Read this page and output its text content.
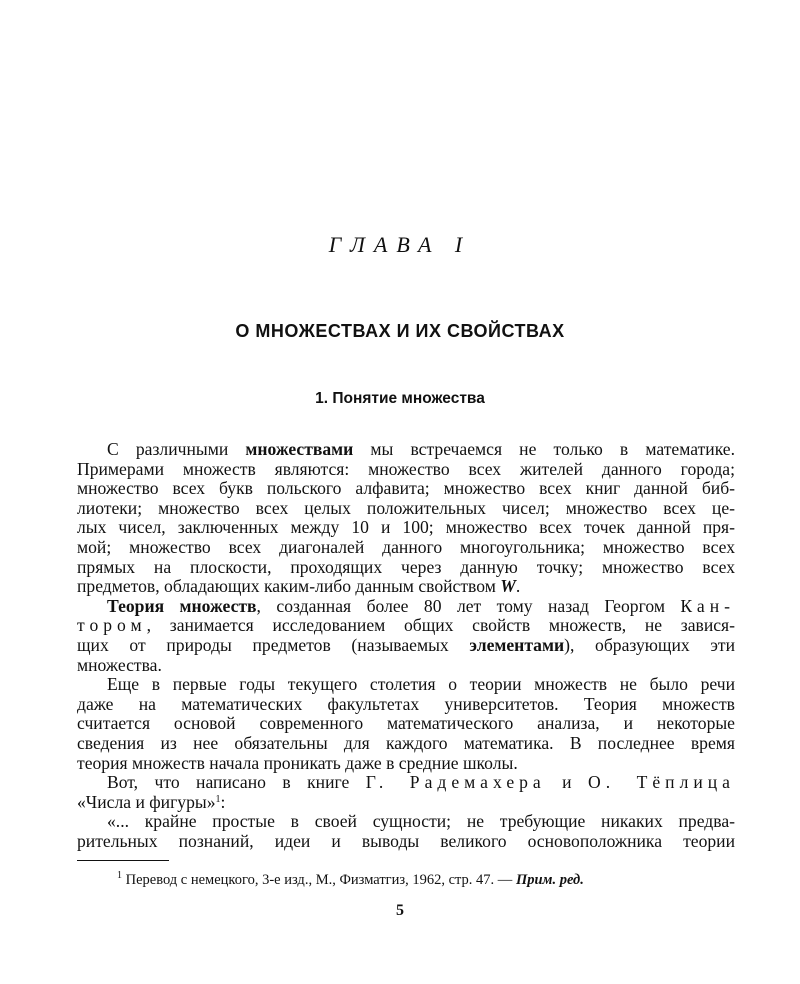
ГЛАВА I
О МНОЖЕСТВАХ И ИХ СВОЙСТВАХ
1. Понятие множества
С различными множествами мы встречаемся не только в математике.
Примерами множеств являются: множество всех жителей данного города;
множество всех букв польского алфавита; множество всех книг данной биб-
лиотеки; множество всех целых положительных чисел; множество всех це-
лых чисел, заключенных между 10 и 100; множество всех точек данной пря-
мой; множество всех диагоналей данного многоугольника; множество всех
прямых на плоскости, проходящих через данную точку; множество всех
предметов, обладающих каким-либо данным свойством W.
Теория множеств, созданная более 80 лет тому назад Георгом Кан-
тором, занимается исследованием общих свойств множеств, не завися-
щих от природы предметов (называемых элементами), образующих эти
множества.
Еще в первые годы текущего столетия о теории множеств не было речи
даже на математических факультетах университетов. Теория множеств
считается основой современного математического анализа, и некоторые
сведения из нее обязательны для каждого математика. В последнее время
теория множеств начала проникать даже в средние школы.
Вот, что написано в книге Г. Радемахера и О. Тёплица
«Числа и фигуры»$^1$:
«... крайне простые в своей сущности; не требующие никаких предва-
рительных познаний, идеи и выводы великого основоположника теории
$^1$ Перевод с немецкого, 3-е изд., М., Физматгиз, 1962, стр. 47. — Прим. ред.
5
